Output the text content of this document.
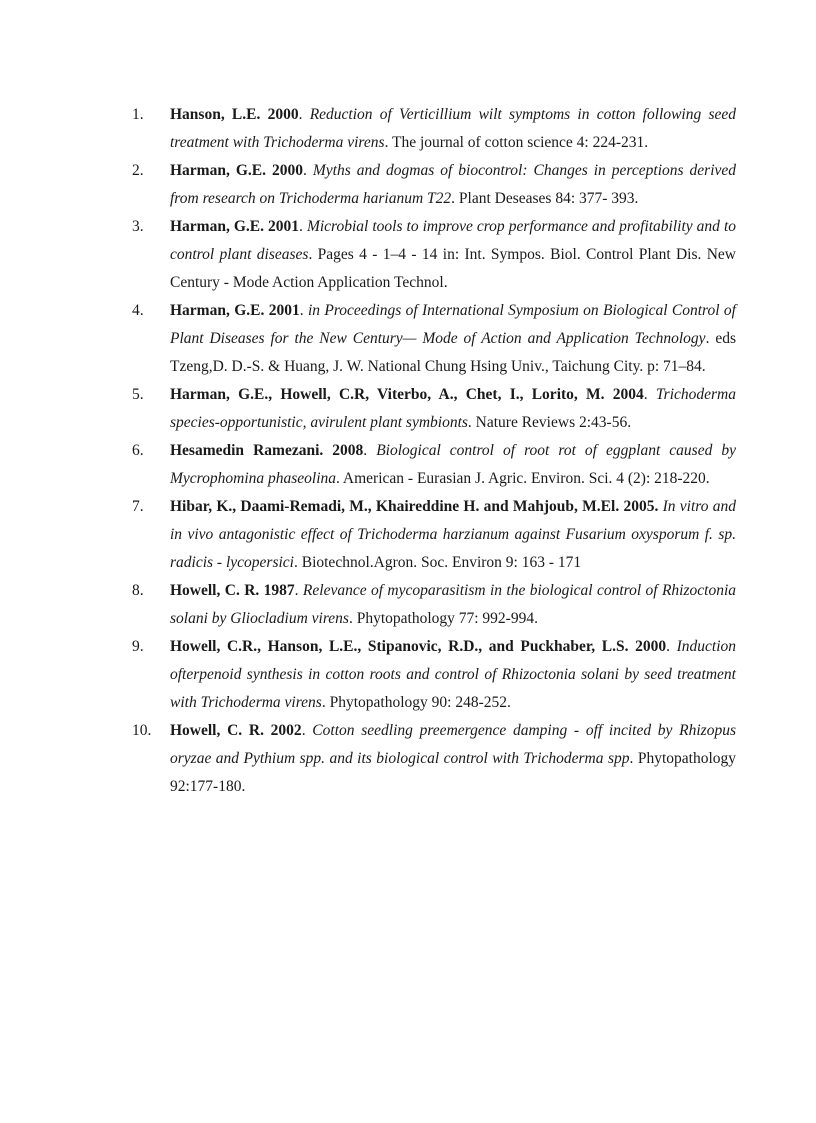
1.	Hanson, L.E. 2000. Reduction of Verticillium wilt symptoms in cotton following seed treatment with Trichoderma virens. The journal of cotton science 4: 224-231.
2.	Harman, G.E. 2000. Myths and dogmas of biocontrol: Changes in perceptions derived from research on Trichoderma harianum T22. Plant Deseases 84: 377- 393.
3.	Harman, G.E. 2001. Microbial tools to improve crop performance and profitability and to control plant diseases. Pages 4 - 1–4 - 14 in: Int. Sympos. Biol. Control Plant Dis. New Century - Mode Action Application Technol.
4.	Harman, G.E. 2001. in Proceedings of International Symposium on Biological Control of Plant Diseases for the New Century— Mode of Action and Application Technology. eds Tzeng,D. D.-S. & Huang, J. W. National Chung Hsing Univ., Taichung City. p: 71–84.
5.	Harman, G.E., Howell, C.R, Viterbo, A., Chet, I., Lorito, M. 2004. Trichoderma species-opportunistic, avirulent plant symbionts. Nature Reviews 2:43-56.
6.	Hesamedin Ramezani. 2008. Biological control of root rot of eggplant caused by Mycrophomina phaseolina. American - Eurasian J. Agric. Environ. Sci. 4 (2): 218-220.
7.	Hibar, K., Daami-Remadi, M., Khaireddine H. and Mahjoub, M.El. 2005. In vitro and in vivo antagonistic effect of Trichoderma harzianum against Fusarium oxysporum f. sp. radicis - lycopersici. Biotechnol.Agron. Soc. Environ 9: 163 - 171
8.	Howell, C. R. 1987. Relevance of mycoparasitism in the biological control of Rhizoctonia solani by Gliocladium virens. Phytopathology 77: 992-994.
9.	Howell, C.R., Hanson, L.E., Stipanovic, R.D., and Puckhaber, L.S. 2000. Induction ofterpenoid synthesis in cotton roots and control of Rhizoctonia solani by seed treatment with Trichoderma virens. Phytopathology 90: 248-252.
10.	Howell, C. R. 2002. Cotton seedling preemergence damping - off incited by Rhizopus oryzae and Pythium spp. and its biological control with Trichoderma spp. Phytopathology 92:177-180.
